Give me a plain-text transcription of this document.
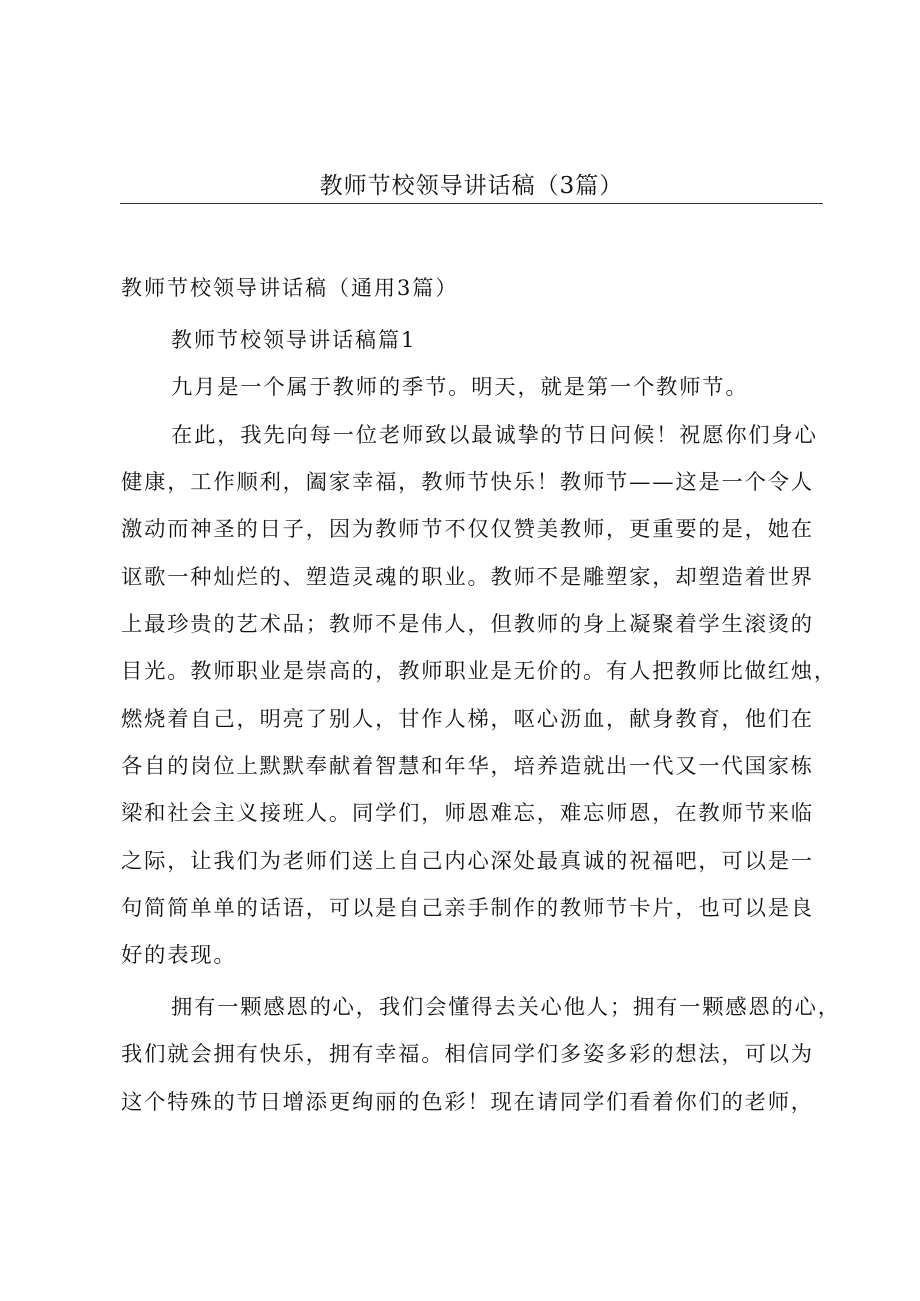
教师节校领导讲话稿（3篇）
教师节校领导讲话稿（通用3篇）
教师节校领导讲话稿篇1
九月是一个属于教师的季节。明天，就是第一个教师节。
在此，我先向每一位老师致以最诚挚的节日问候！祝愿你们身心
健康，工作顺利，阖家幸福，教师节快乐！教师节——这是一个令人
激动而神圣的日子，因为教师节不仅仅赞美教师，更重要的是，她在
讴歌一种灿烂的、塑造灵魂的职业。教师不是雕塑家，却塑造着世界
上最珍贵的艺术品；教师不是伟人，但教师的身上凝聚着学生滚烫的
目光。教师职业是崇高的，教师职业是无价的。有人把教师比做红烛，
燃烧着自己，明亮了别人，甘作人梯，呕心沥血，献身教育，他们在
各自的岗位上默默奉献着智慧和年华，培养造就出一代又一代国家栋
梁和社会主义接班人。同学们，师恩难忘，难忘师恩，在教师节来临
之际，让我们为老师们送上自己内心深处最真诚的祝福吧，可以是一
句简简单单的话语，可以是自己亲手制作的教师节卡片，也可以是良
好的表现。
拥有一颗感恩的心，我们会懂得去关心他人；拥有一颗感恩的心，
我们就会拥有快乐，拥有幸福。相信同学们多姿多彩的想法，可以为
这个特殊的节日增添更绚丽的色彩！现在请同学们看着你们的老师，
